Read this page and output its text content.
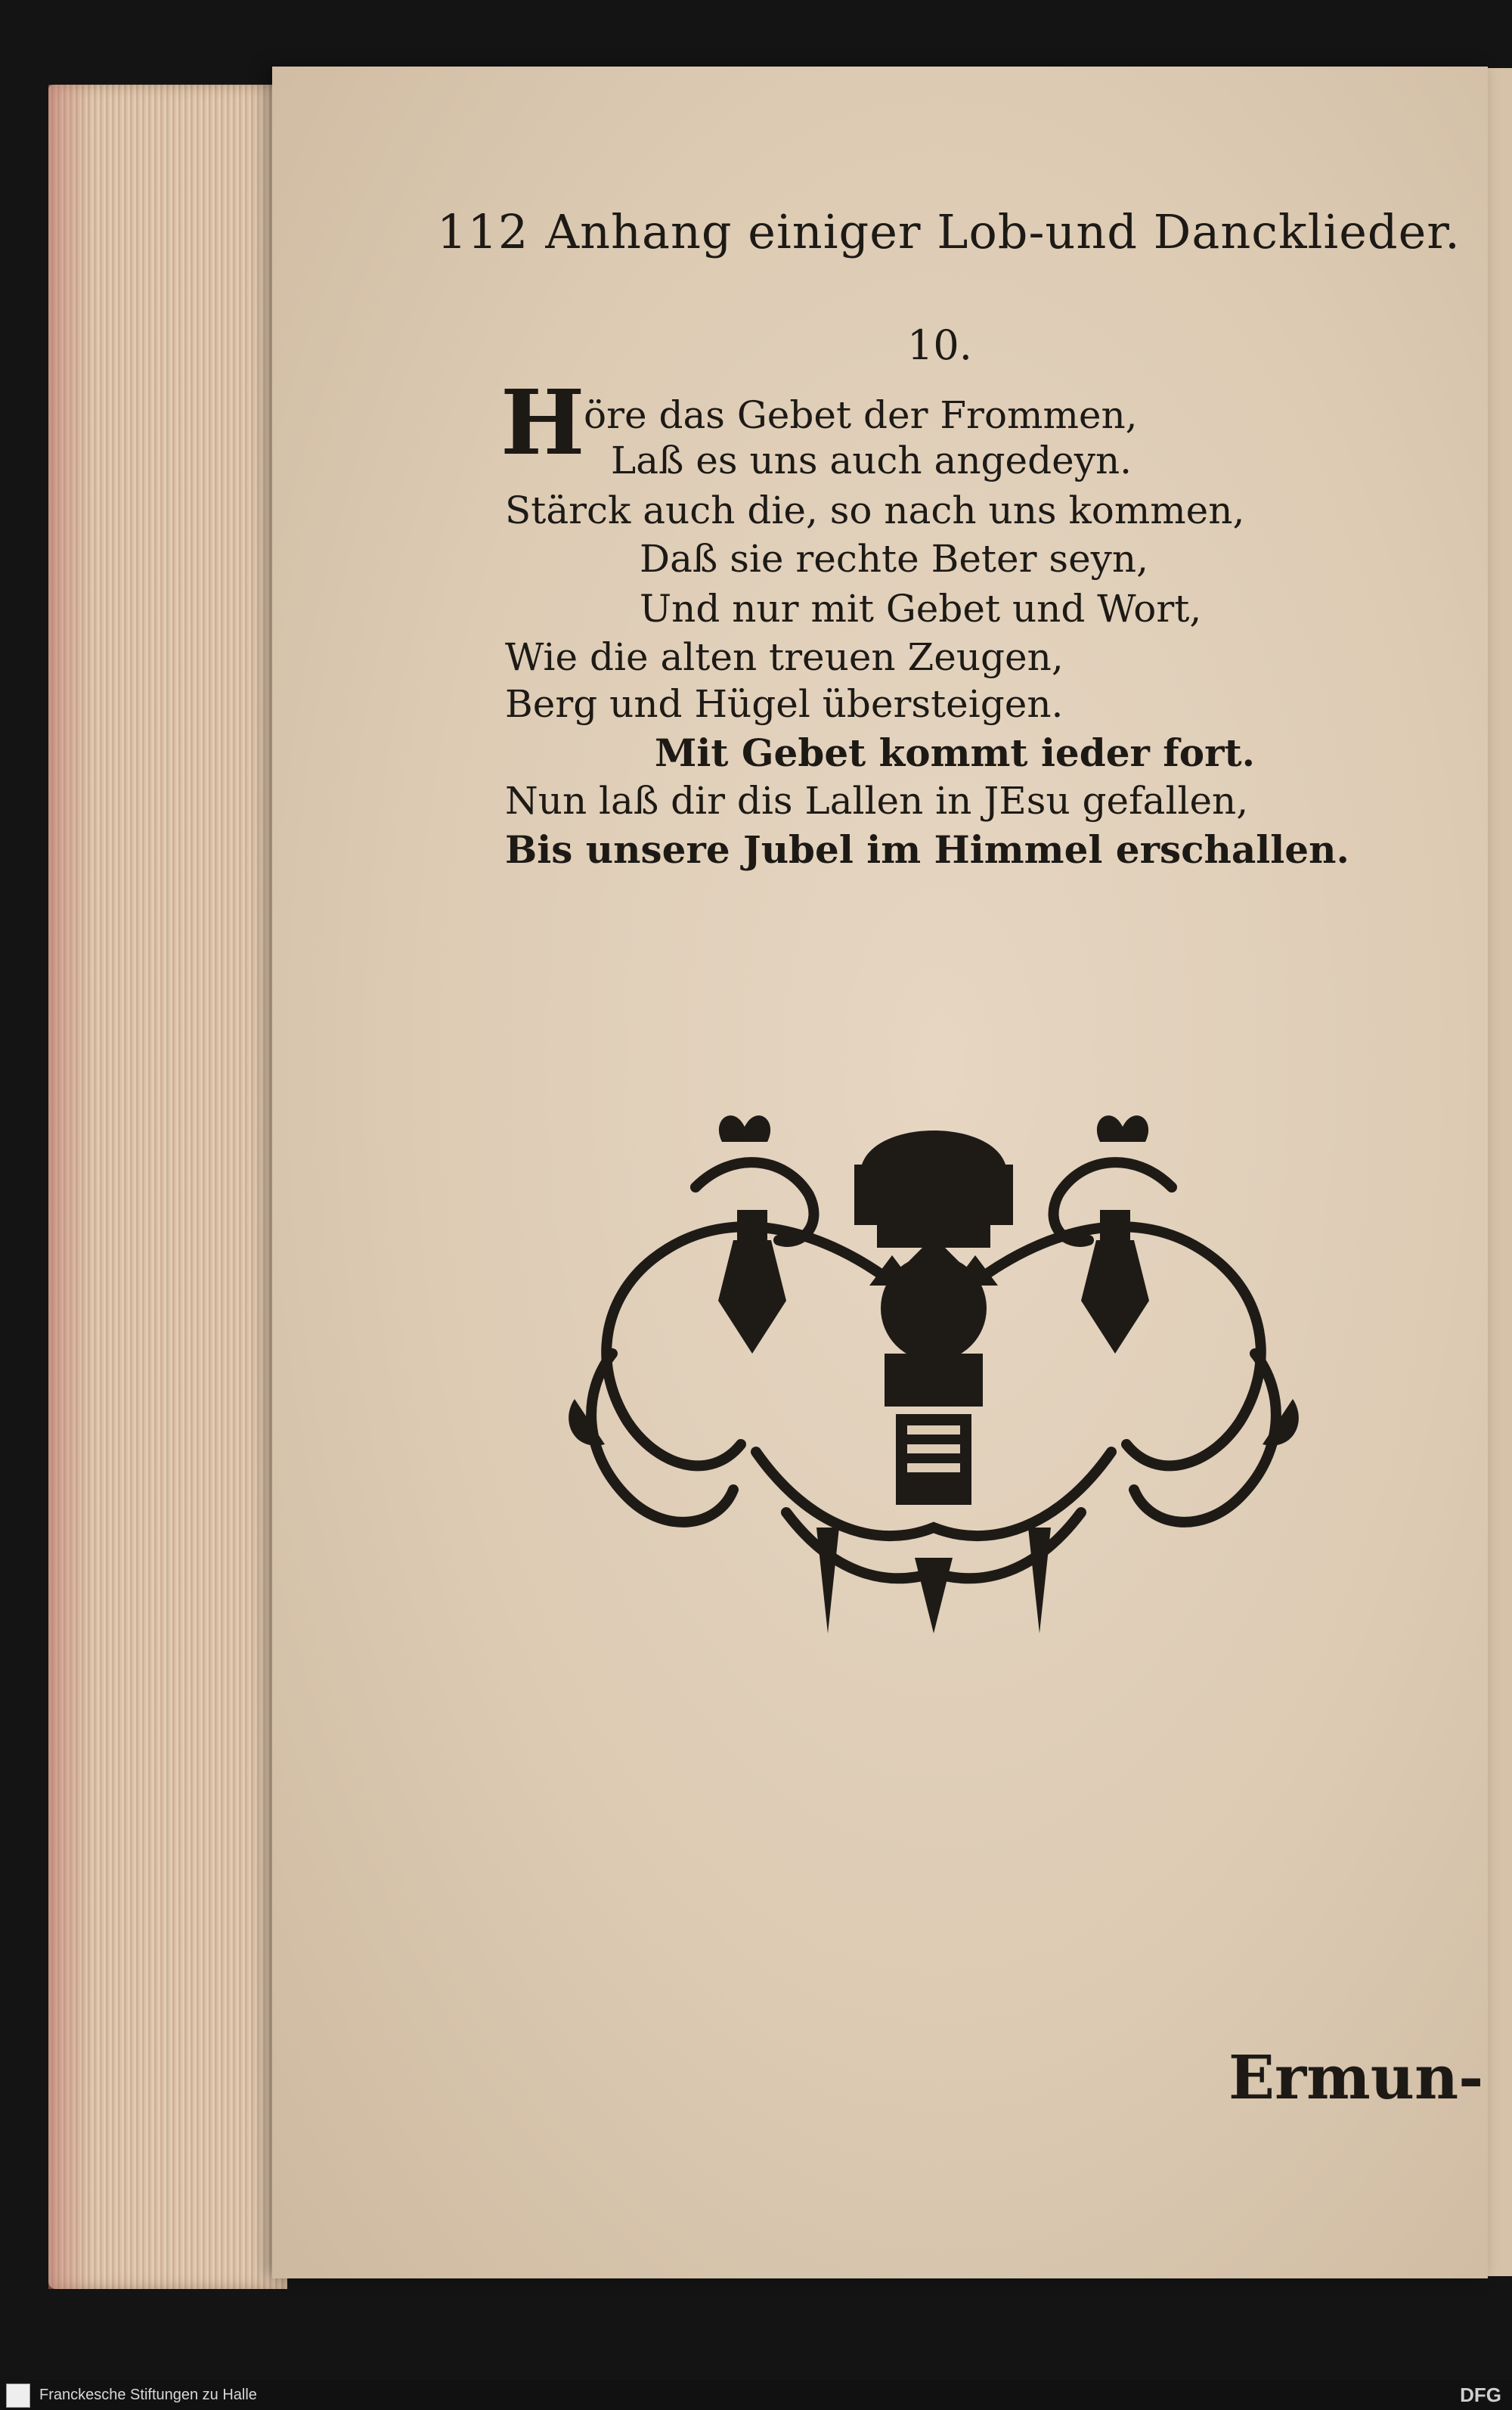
112 Anhang einiger Lob-und Dancklieder.
10.
H
öre das Gebet der Frommen,
Laß es uns auch angedeyn.
Stärck auch die, so nach uns kommen,
Daß sie rechte Beter seyn,
Und nur mit Gebet und Wort,
Wie die alten treuen Zeugen,
Berg und Hügel übersteigen.
Mit Gebet kommt ieder fort.
Nun laß dir dis Lallen in JEsu gefallen,
Bis unsere Jubel im Himmel erschallen.
Ermun-
Franckesche Stiftungen zu Halle	DFG
